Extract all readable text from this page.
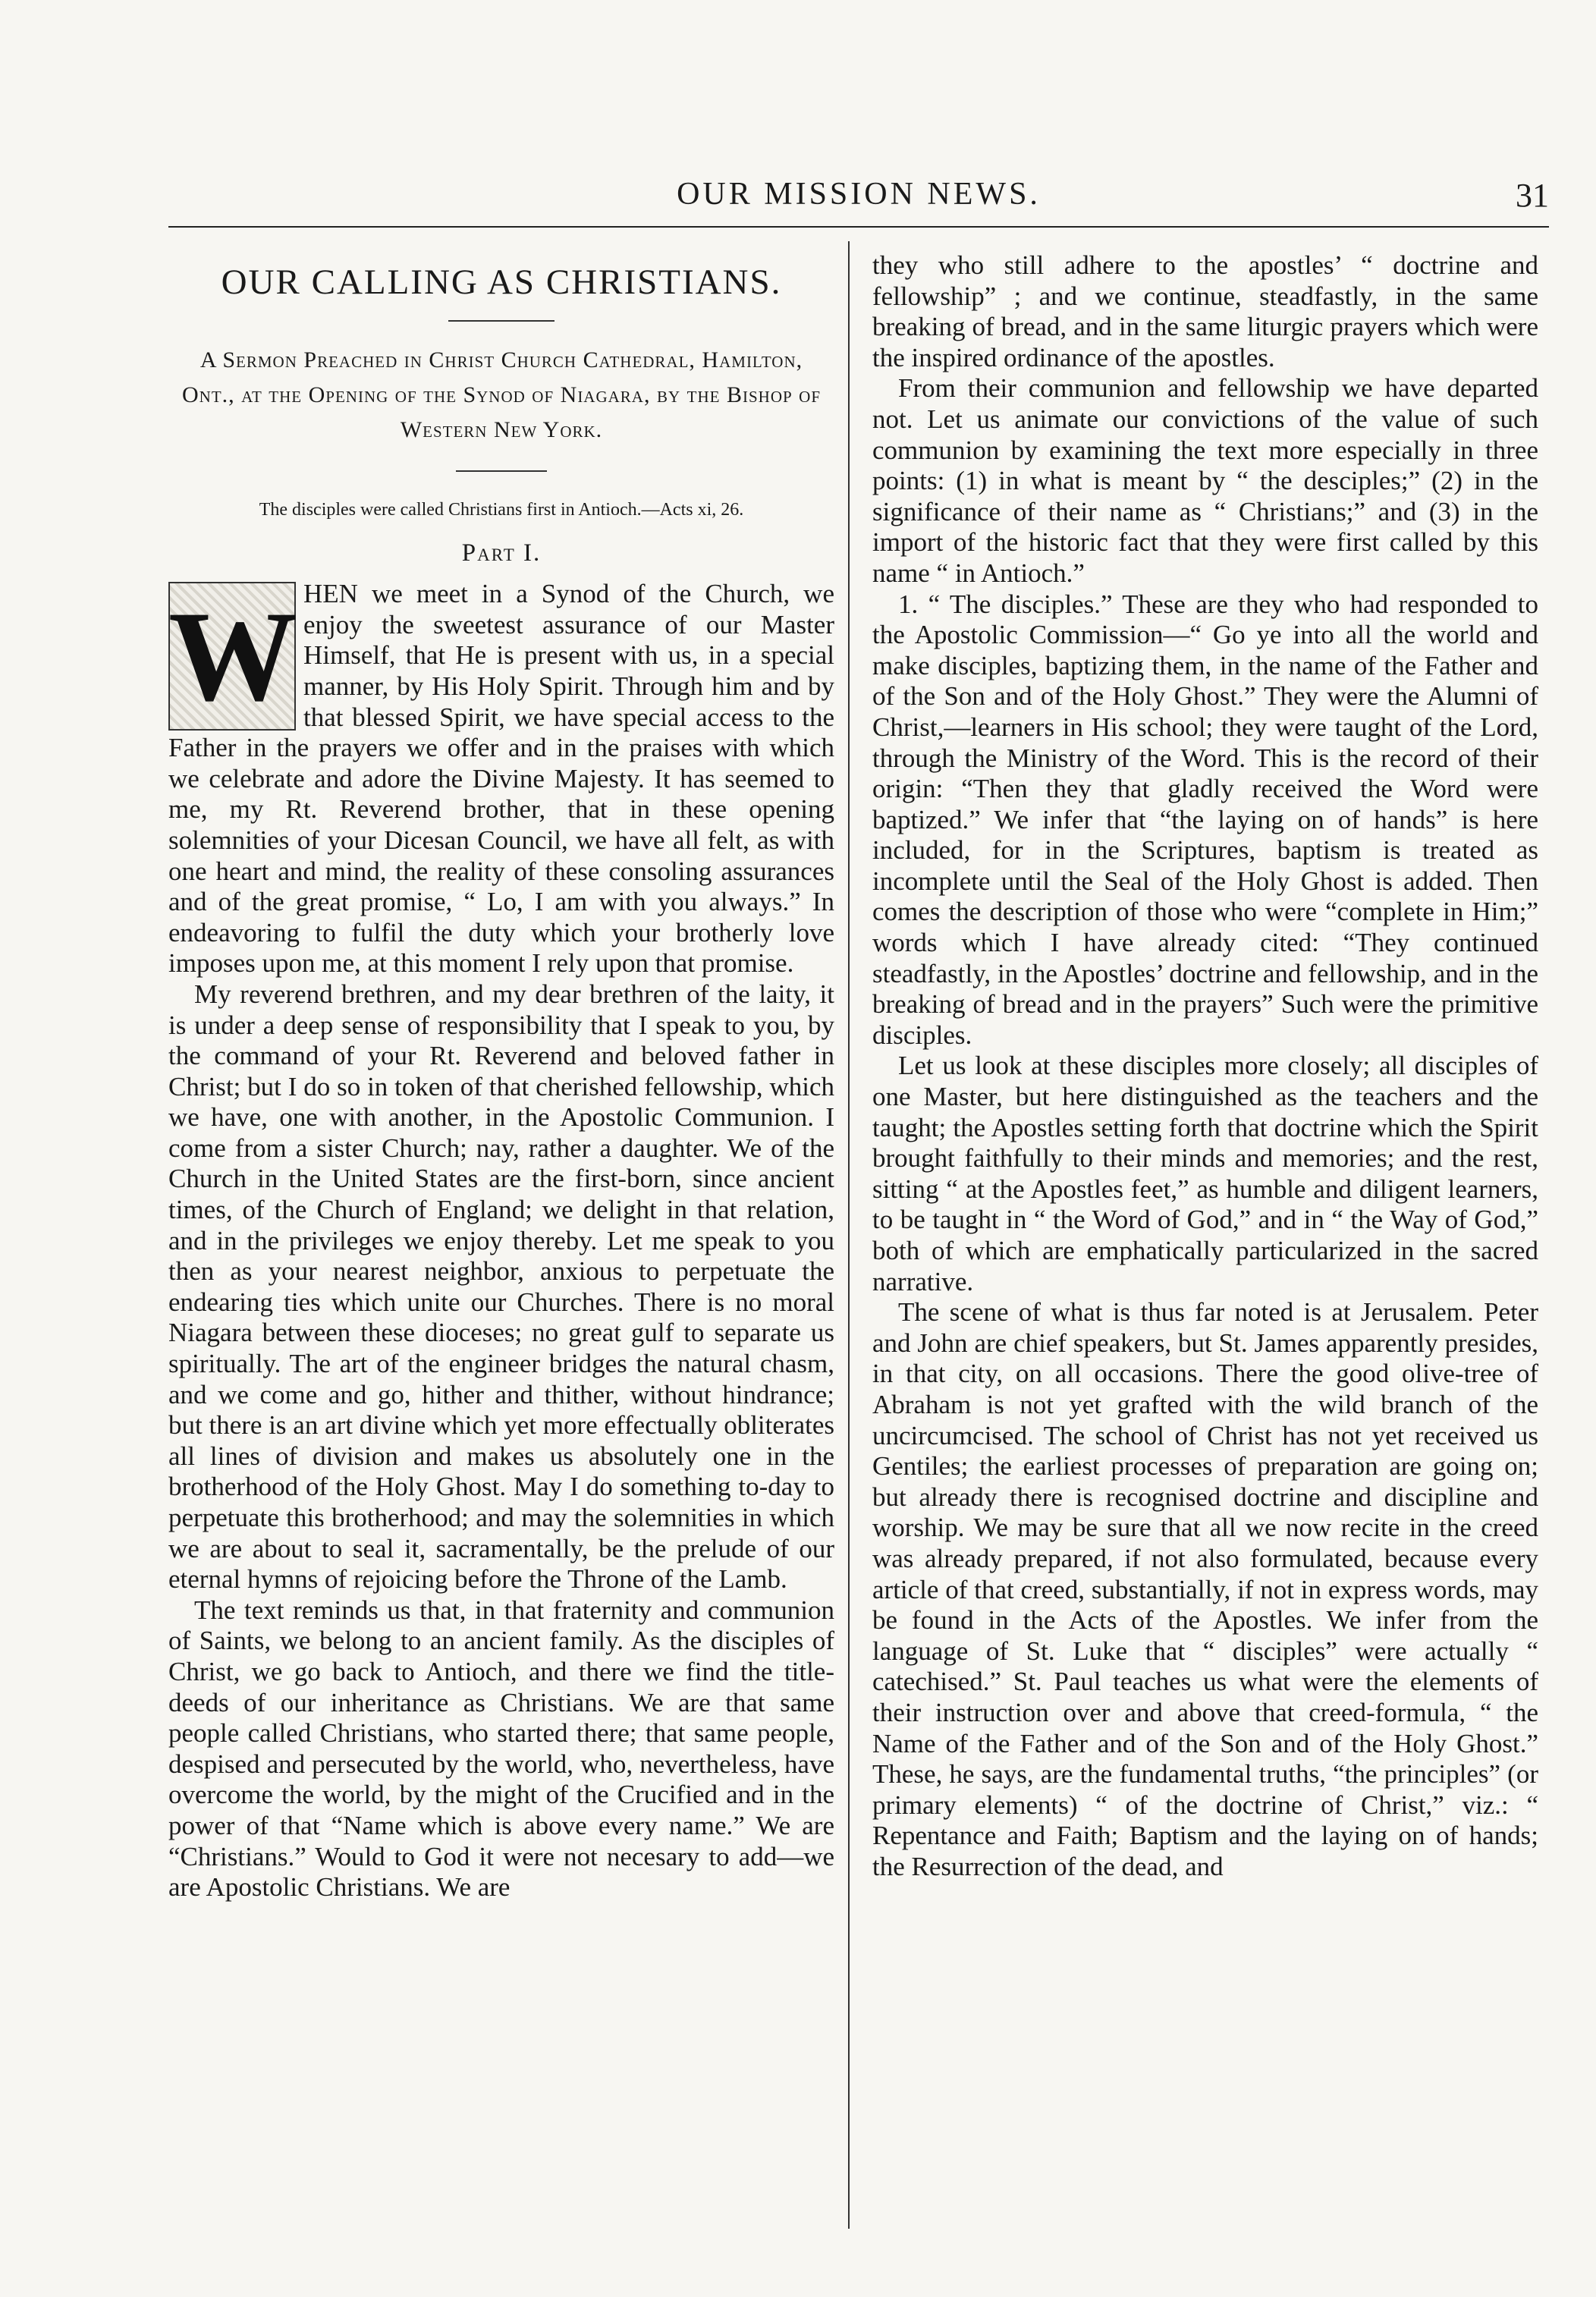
OUR MISSION NEWS.	31
OUR CALLING AS CHRISTIANS.
A Sermon Preached in Christ Church Cathedral, Hamilton, Ont., at the Opening of the Synod of Niagara, by the Bishop of Western New York.
The disciples were called Christians first in Antioch.—Acts xi, 26.
Part I.

W HEN we meet in a Synod of the Church, we enjoy the sweetest assurance of our Master Himself, that He is present with us, in a special manner, by His Holy Spirit. Through him and by that blessed Spirit, we have special access to the Father in the prayers we offer and in the praises with which we celebrate and adore the Divine Majesty. It has seemed to me, my Rt. Reverend brother, that in these opening solemnities of your Dicesan Council, we have all felt, as with one heart and mind, the reality of these consoling assurances and of the great promise, “ Lo, I am with you always.” In endeavoring to fulfil the duty which your brotherly love imposes upon me, at this moment I rely upon that promise.

My reverend brethren, and my dear brethren of the laity, it is under a deep sense of responsibility that I speak to you, by the command of your Rt. Reverend and beloved father in Christ; but I do so in token of that cherished fellowship, which we have, one with another, in the Apostolic Communion. I come from a sister Church; nay, rather a daughter. We of the Church in the United States are the first-born, since ancient times, of the Church of England; we delight in that relation, and in the privileges we enjoy thereby. Let me speak to you then as your nearest neighbor, anxious to perpetuate the endearing ties which unite our Churches. There is no moral Niagara between these dioceses; no great gulf to separate us spiritually. The art of the engineer bridges the natural chasm, and we come and go, hither and thither, without hindrance; but there is an art divine which yet more effectually obliterates all lines of division and makes us absolutely one in the brotherhood of the Holy Ghost. May I do something to-day to perpetuate this brotherhood; and may the solemnities in which we are about to seal it, sacramentally, be the prelude of our eternal hymns of rejoicing before the Throne of the Lamb.

The text reminds us that, in that fraternity and communion of Saints, we belong to an ancient family. As the disciples of Christ, we go back to Antioch, and there we find the title-deeds of our inheritance as Christians. We are that same people called Christians, who started there; that same people, despised and persecuted by the world, who, nevertheless, have overcome the world, by the might of the Crucified and in the power of that “Name which is above every name.” We are “Christians.” Would to God it were not necesary to add—we are Apostolic Christians. We are

they who still adhere to the apostles’ “ doctrine and fellowship” ; and we continue, steadfastly, in the same breaking of bread, and in the same liturgic prayers which were the inspired ordinance of the apostles.

From their communion and fellowship we have departed not. Let us animate our convictions of the value of such communion by examining the text more especially in three points: (1) in what is meant by “ the desciples;” (2) in the significance of their name as “ Christians;” and (3) in the import of the historic fact that they were first called by this name “ in Antioch.”

1. “ The disciples.” These are they who had responded to the Apostolic Commission—“ Go ye into all the world and make disciples, baptizing them, in the name of the Father and of the Son and of the Holy Ghost.” They were the Alumni of Christ,—learners in His school; they were taught of the Lord, through the Ministry of the Word. This is the record of their origin: “Then they that gladly received the Word were baptized.” We infer that “the laying on of hands” is here included, for in the Scriptures, baptism is treated as incomplete until the Seal of the Holy Ghost is added. Then comes the description of those who were “complete in Him;” words which I have already cited: “They continued steadfastly, in the Apostles’ doctrine and fellowship, and in the breaking of bread and in the prayers” Such were the primitive disciples.

Let us look at these disciples more closely; all disciples of one Master, but here distinguished as the teachers and the taught; the Apostles setting forth that doctrine which the Spirit brought faithfully to their minds and memories; and the rest, sitting “ at the Apostles feet,” as humble and diligent learners, to be taught in “ the Word of God,” and in “ the Way of God,” both of which are emphatically particularized in the sacred narrative.

The scene of what is thus far noted is at Jerusalem. Peter and John are chief speakers, but St. James apparently presides, in that city, on all occasions. There the good olive-tree of Abraham is not yet grafted with the wild branch of the uncircumcised. The school of Christ has not yet received us Gentiles; the earliest processes of preparation are going on; but already there is recognised doctrine and discipline and worship. We may be sure that all we now recite in the creed was already prepared, if not also formulated, because every article of that creed, substantially, if not in express words, may be found in the Acts of the Apostles. We infer from the language of St. Luke that “ disciples” were actually “ catechised.” St. Paul teaches us what were the elements of their instruction over and above that creed-formula, “ the Name of the Father and of the Son and of the Holy Ghost.” These, he says, are the fundamental truths, “the principles” (or primary elements) “ of the doctrine of Christ,” viz.: “ Repentance and Faith; Baptism and the laying on of hands; the Resurrection of the dead, and
